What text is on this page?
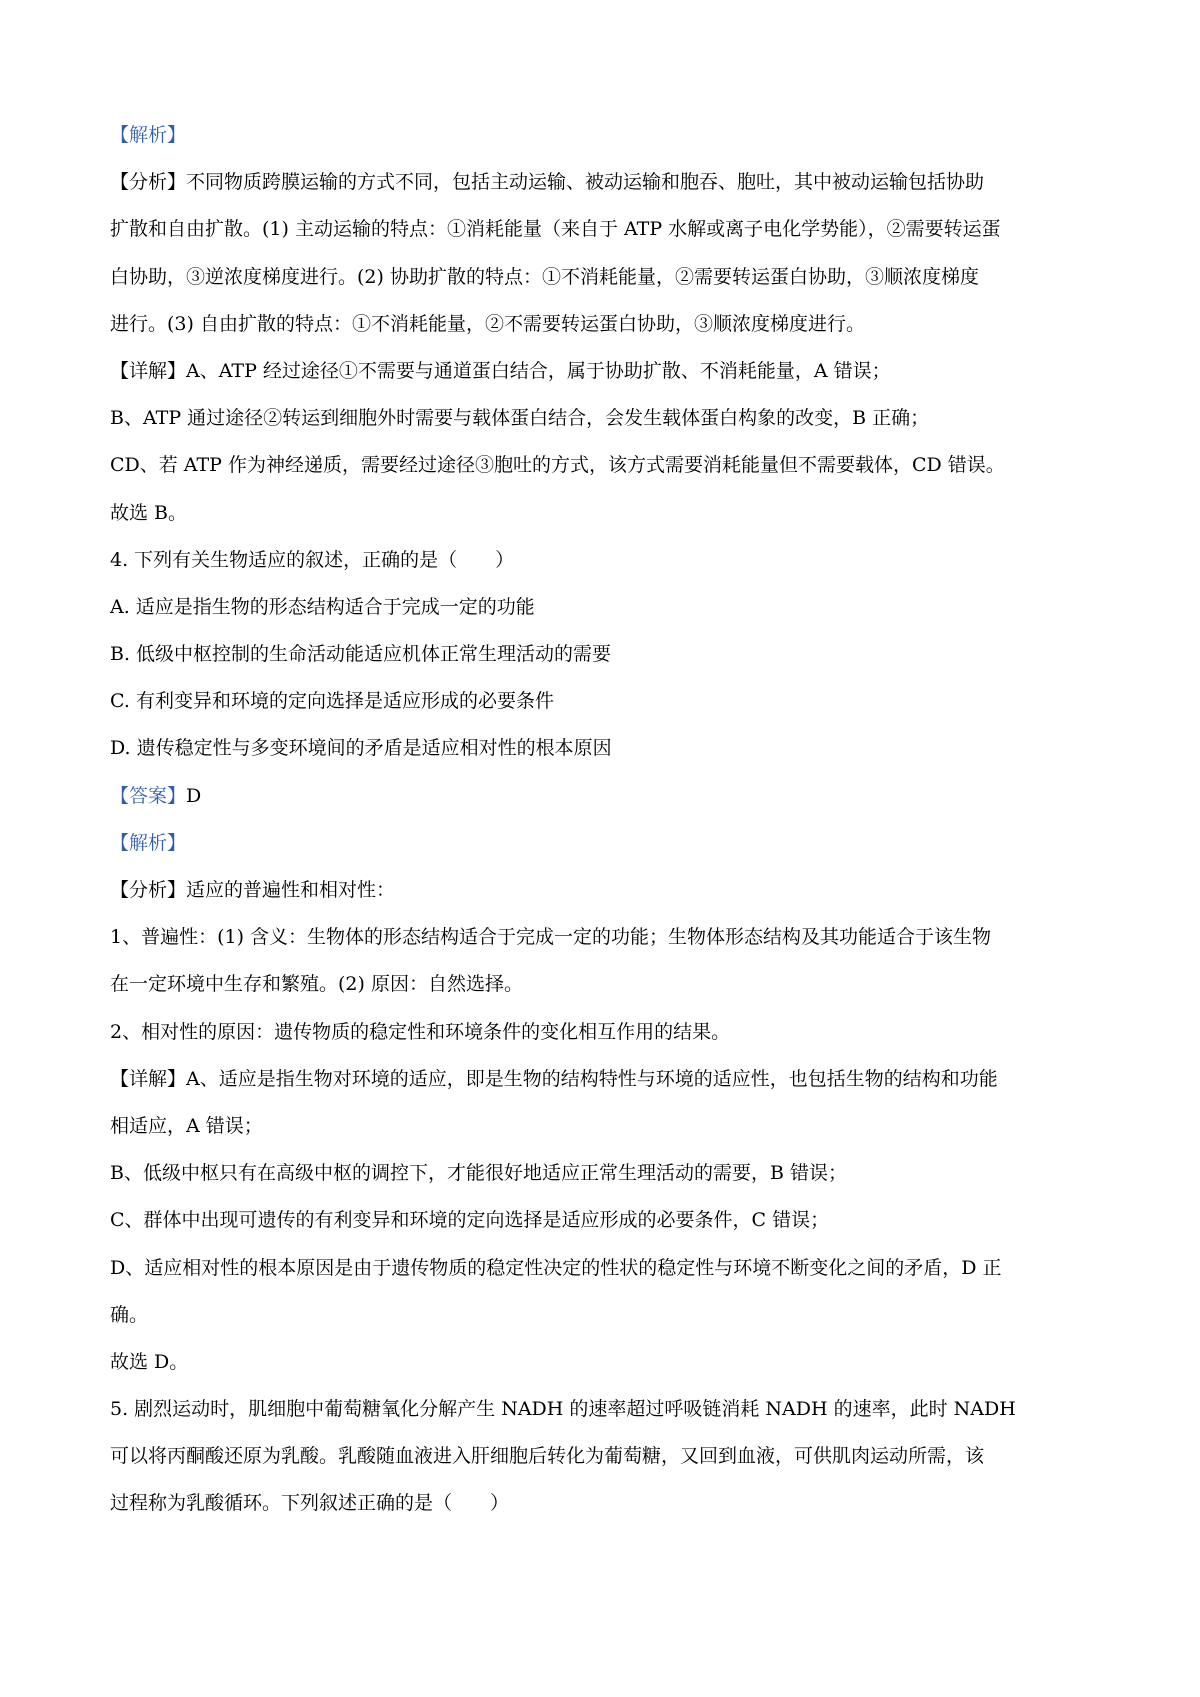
【解析】
【分析】不同物质跨膜运输的方式不同，包括主动运输、被动运输和胞吞、胞吐，其中被动运输包括协助
扩散和自由扩散。(1) 主动运输的特点：①消耗能量（来自于 ATP 水解或离子电化学势能），②需要转运蛋
白协助，③逆浓度梯度进行。(2) 协助扩散的特点：①不消耗能量，②需要转运蛋白协助，③顺浓度梯度
进行。(3) 自由扩散的特点：①不消耗能量，②不需要转运蛋白协助，③顺浓度梯度进行。
【详解】A、ATP 经过途径①不需要与通道蛋白结合，属于协助扩散、不消耗能量，A 错误；
B、ATP 通过途径②转运到细胞外时需要与载体蛋白结合，会发生载体蛋白构象的改变，B 正确；
CD、若 ATP 作为神经递质，需要经过途径③胞吐的方式，该方式需要消耗能量但不需要载体，CD 错误。
故选 B。
4. 下列有关生物适应的叙述，正确的是（　　）
A. 适应是指生物的形态结构适合于完成一定的功能
B. 低级中枢控制的生命活动能适应机体正常生理活动的需要
C. 有利变异和环境的定向选择是适应形成的必要条件
D. 遗传稳定性与多变环境间的矛盾是适应相对性的根本原因
【答案】D
【解析】
【分析】适应的普遍性和相对性：
1、普遍性：(1) 含义：生物体的形态结构适合于完成一定的功能；生物体形态结构及其功能适合于该生物
在一定环境中生存和繁殖。(2) 原因：自然选择。
2、相对性的原因：遗传物质的稳定性和环境条件的变化相互作用的结果。
【详解】A、适应是指生物对环境的适应，即是生物的结构特性与环境的适应性，也包括生物的结构和功能
相适应，A 错误；
B、低级中枢只有在高级中枢的调控下，才能很好地适应正常生理活动的需要，B 错误；
C、群体中出现可遗传的有利变异和环境的定向选择是适应形成的必要条件，C 错误；
D、适应相对性的根本原因是由于遗传物质的稳定性决定的性状的稳定性与环境不断变化之间的矛盾，D 正
确。
故选 D。
5. 剧烈运动时，肌细胞中葡萄糖氧化分解产生 NADH 的速率超过呼吸链消耗 NADH 的速率，此时 NADH
可以将丙酮酸还原为乳酸。乳酸随血液进入肝细胞后转化为葡萄糖，又回到血液，可供肌肉运动所需，该
过程称为乳酸循环。下列叙述正确的是（　　）
